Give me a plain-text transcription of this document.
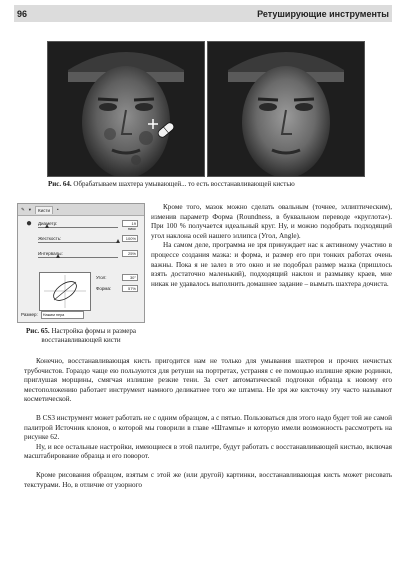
96	Ретуширующие инструменты
Рис. 64. Обрабатываем шахтера умывающей... то есть восстанавливающей кистью
✎ ▾	Кисти	•
●	Диаметр:	19 пикс
Жесткость:	100%
Интервалы:	25%
Угол:	30°
Форма:	57%
Размер:	Нажим пера
Рис. 65. Настройка формы и размера восстанавливающей кисти

Кроме того, мазок можно сделать овальным (точнее, эллиптическим), изменив параметр Форма (Roundness, в буквальном переводе «круглота»). При 100 % получается идеальный круг. Ну, и можно подобрать подходящий угол наклона осей нашего эллипса (Угол, Angle).

На самом деле, программа не зря принуждает нас к активному участию в процессе создания мазка: и форма, и размер его при тонких работах очень важны. Пока я не залез в это окно и не подобрал размер мазка (пришлось взять достаточно маленький), подходящий наклон и размывку краев, мне никак не удавалось выполнить домашнее задание – вымыть шахтера дочиста.

Конечно, восстанавливающая кисть пригодится нам не только для умывания шахтеров и прочих нечистых трубочистов. Гораздо чаще ею пользуются для ретуши на портретах, устраняя с ее помощью излишне яркие родинки, приглушая морщины, смягчая излишне резкие тени. За счет автоматической подгонки образца к новому его местоположению работает инструмент намного деликатнее того же штампа. Не зря же кисточку эту часто называют косметической.

В CS3 инструмент может работать не с одним образцом, а с пятью. Пользоваться для этого надо будет той же самой палитрой Источник клонов, о которой мы говорили в главе «Штампы» и которую имели возможность рассмотреть на рисунке 62.

Ну, и все остальные настройки, имеющиеся в этой палитре, будут работать с восстанавливающей кистью, включая масштабирование образца и его поворот.

Кроме рисования образцом, взятым с этой же (или другой) картинки, восстанавливающая кисть может рисовать текстурами. Но, в отличие от узорного
